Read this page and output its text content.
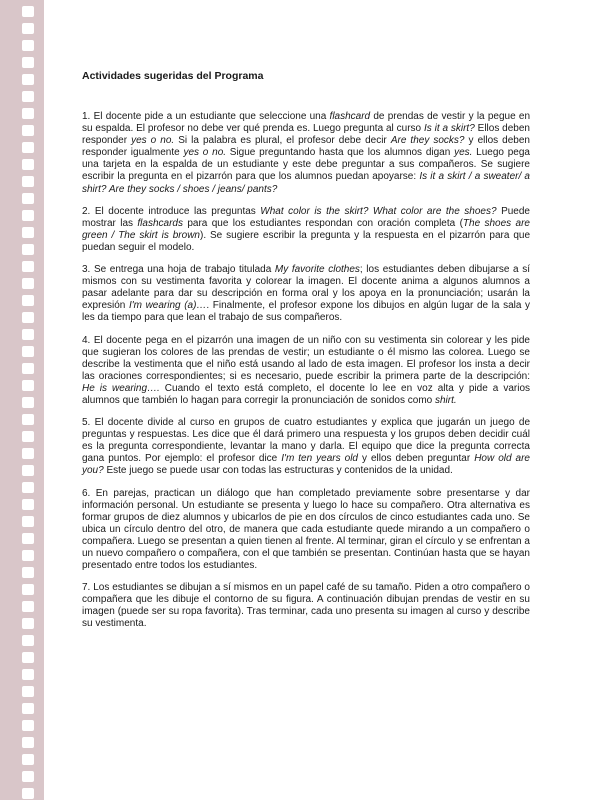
Actividades sugeridas del Programa

1. El docente pide a un estudiante que seleccione una flashcard de prendas de vestir y la pegue en su espalda. El profesor no debe ver qué prenda es. Luego pregunta al curso Is it a skirt? Ellos deben responder yes o no. Si la palabra es plural, el profesor debe decir Are they socks? y ellos deben responder igualmente yes o no. Sigue preguntando hasta que los alumnos digan yes. Luego pega una tarjeta en la espalda de un estudiante y este debe preguntar a sus compañeros. Se sugiere escribir la pregunta en el pizarrón para que los alumnos puedan apoyarse: Is it a skirt / a sweater/ a shirt? Are they socks / shoes / jeans/ pants?

2. El docente introduce las preguntas What color is the skirt? What color are the shoes? Puede mostrar las flashcards para que los estudiantes respondan con oración completa (The shoes are green / The skirt is brown). Se sugiere escribir la pregunta y la respuesta en el pizarrón para que puedan seguir el modelo.

3. Se entrega una hoja de trabajo titulada My favorite clothes; los estudiantes deben dibujarse a sí mismos con su vestimenta favorita y colorear la imagen. El docente anima a algunos alumnos a pasar adelante para dar su descripción en forma oral y los apoya en la pronunciación; usarán la expresión I'm wearing (a)…. Finalmente, el profesor expone los dibujos en algún lugar de la sala y les da tiempo para que lean el trabajo de sus compañeros.

4. El docente pega en el pizarrón una imagen de un niño con su vestimenta sin colorear y les pide que sugieran los colores de las prendas de vestir; un estudiante o él mismo las colorea. Luego se describe la vestimenta que el niño está usando al lado de esta imagen. El profesor los insta a decir las oraciones correspondientes; si es necesario, puede escribir la primera parte de la descripción: He is wearing…. Cuando el texto está completo, el docente lo lee en voz alta y pide a varios alumnos que también lo hagan para corregir la pronunciación de sonidos como shirt.

5. El docente divide al curso en grupos de cuatro estudiantes y explica que jugarán un juego de preguntas y respuestas. Les dice que él dará primero una respuesta y los grupos deben decidir cuál es la pregunta correspondiente, levantar la mano y darla. El equipo que dice la pregunta correcta gana puntos. Por ejemplo: el profesor dice I'm ten years old y ellos deben preguntar How old are you? Este juego se puede usar con todas las estructuras y contenidos de la unidad.

6. En parejas, practican un diálogo que han completado previamente sobre presentarse y dar información personal. Un estudiante se presenta y luego lo hace su compañero. Otra alternativa es formar grupos de diez alumnos y ubicarlos de pie en dos círculos de cinco estudiantes cada uno. Se ubica un círculo dentro del otro, de manera que cada estudiante quede mirando a un compañero o compañera. Luego se presentan a quien tienen al frente. Al terminar, giran el círculo y se enfrentan a un nuevo compañero o compañera, con el que también se presentan. Continúan hasta que se hayan presentado entre todos los estudiantes.

7. Los estudiantes se dibujan a sí mismos en un papel café de su tamaño. Piden a otro compañero o compañera que les dibuje el contorno de su figura. A continuación dibujan prendas de vestir en su imagen (puede ser su ropa favorita). Tras terminar, cada uno presenta su imagen al curso y describe su vestimenta.
